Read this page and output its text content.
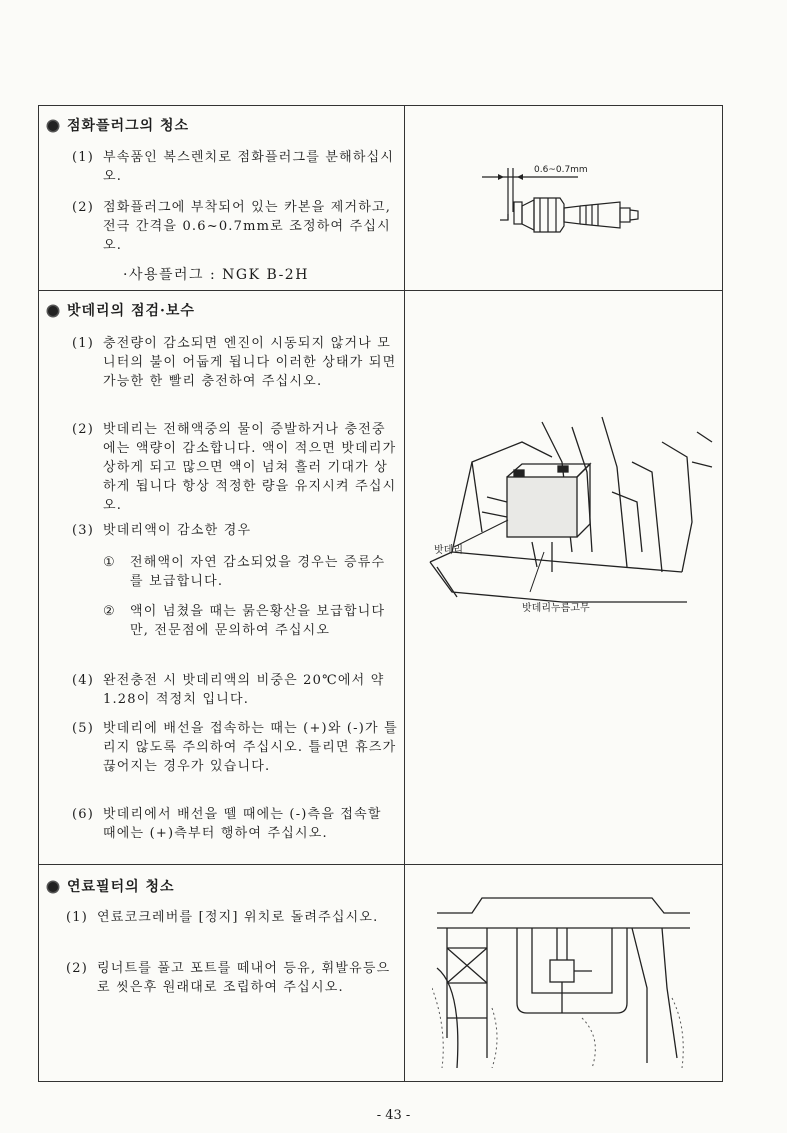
점화플러그의 청소
(1) 부속품인 복스렌치로 점화플러그를 분해하십시오.
(2) 점화플러그에 부착되어 있는 카본을 제거하고, 전극 간격을 0.6~0.7mm로 조정하여 주십시오.
·사용플러그 : NGK B-2H
밧데리의 점검·보수
(1) 충전량이 감소되면 엔진이 시동되지 않거나 모니터의 불이 어둡게 됩니다 이러한 상태가 되면 가능한 한 빨리 충전하여 주십시오.
(2) 밧데리는 전해액중의 물이 증발하거나 충전중에는 액량이 감소합니다. 액이 적으면 밧데리가 상하게 되고 많으면 액이 넘쳐 흘러 기대가 상하게 됩니다 항상 적정한 량을 유지시켜 주십시오.
(3) 밧데리액이 감소한 경우
① 전해액이 자연 감소되었을 경우는 증류수를 보급합니다.
② 액이 넘쳤을 때는 묽은황산을 보급합니다만, 전문점에 문의하여 주십시오
(4) 완전충전 시 밧데리액의 비중은 20℃에서 약1.28이 적정치 입니다.
(5) 밧데리에 배선을 접속하는 때는 (+)와 (-)가 틀리지 않도록 주의하여 주십시오. 틀리면 휴즈가 끊어지는 경우가 있습니다.
(6) 밧데리에서 배선을 뗄 때에는 (-)측을 접속할 때에는 (+)측부터 행하여 주십시오.
연료필터의 청소
(1) 연료코크레버를 [정지] 위치로 돌려주십시오.
(2) 링너트를 풀고 포트를 떼내어 등유, 휘발유등으로 씻은후 원래대로 조립하여 주십시오.
0.6~0.7mm
밧데리
밧데리누름고무
- 43 -
